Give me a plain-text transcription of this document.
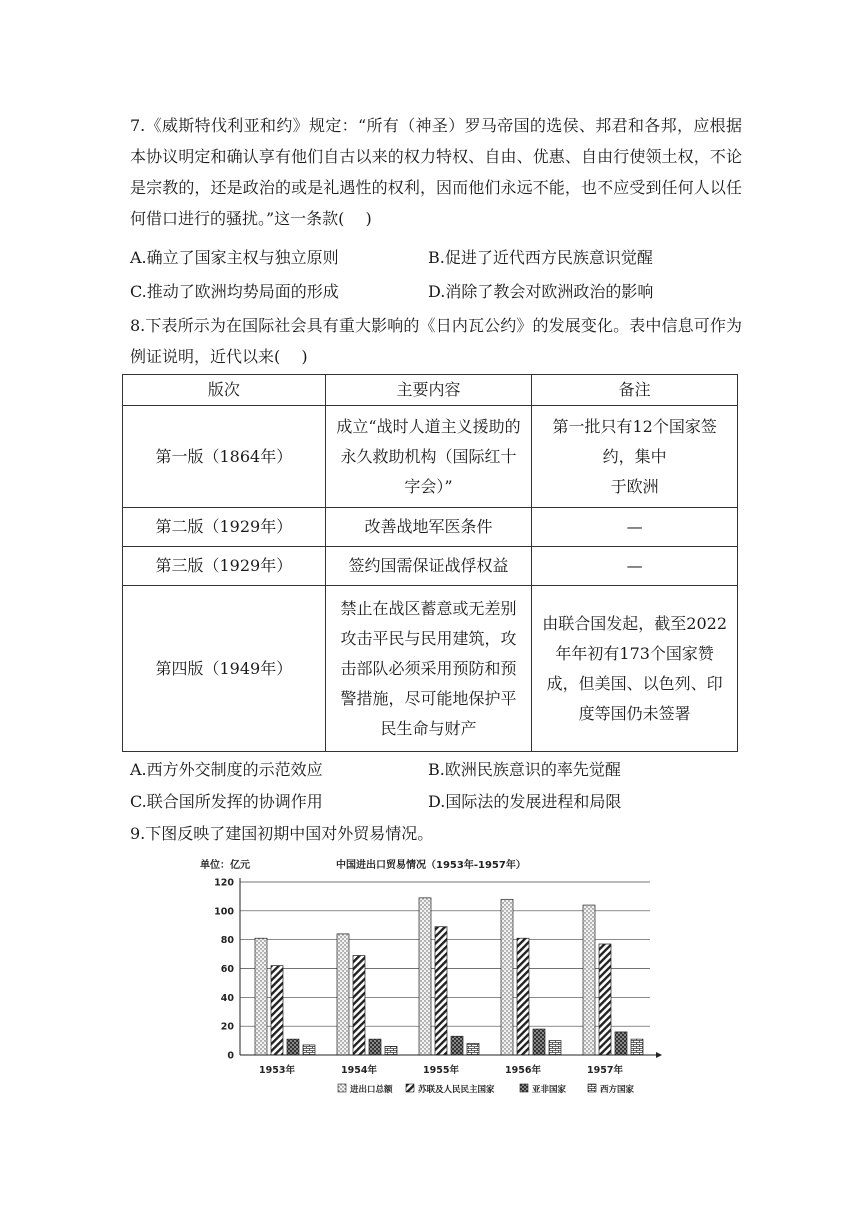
7.《威斯特伐利亚和约》规定：“所有（神圣）罗马帝国的选侯、邦君和各邦，应根据本协议明定和确认享有他们自古以来的权力特权、自由、优惠、自由行使领土权，不论是宗教的，还是政治的或是礼遇性的权利，因而他们永远不能，也不应受到任何人以任何借口进行的骚扰。”这一条款(　 )

A.确立了国家主权与独立原则	B.促进了近代西方民族意识觉醒
C.推动了欧洲均势局面的形成	D.消除了教会对欧洲政治的影响

8.下表所示为在国际社会具有重大影响的《日内瓦公约》的发展变化。表中信息可作为例证说明，近代以来(　 )

版次	主要内容	备注
第一版（1864年）	成立“战时人道主义援助的永久救助机构（国际红十字会）”	第一批只有12个国家签约，集中
于欧洲
第二版（1929年）	改善战地军医条件	—
第三版（1929年）	签约国需保证战俘权益	—
第四版（1949年）	禁止在战区蓄意或无差别攻击平民与民用建筑，攻击部队必须采用预防和预警措施，尽可能地保护平民生命与财产	由联合国发起，截至2022年年初有173个国家赞成，但美国、以色列、印度等国仍未签署
A.西方外交制度的示范效应	B.欧洲民族意识的率先觉醒
C.联合国所发挥的协调作用	D.国际法的发展进程和局限
9.下图反映了建国初期中国对外贸易情况。
单位：亿元	中国进出口贸易情况（1953年-1957年）
0
20
40
60
80
100
120
1953年	1954年	1955年	1956年	1957年
进出口总额	苏联及人民民主国家	亚非国家	西方国家
